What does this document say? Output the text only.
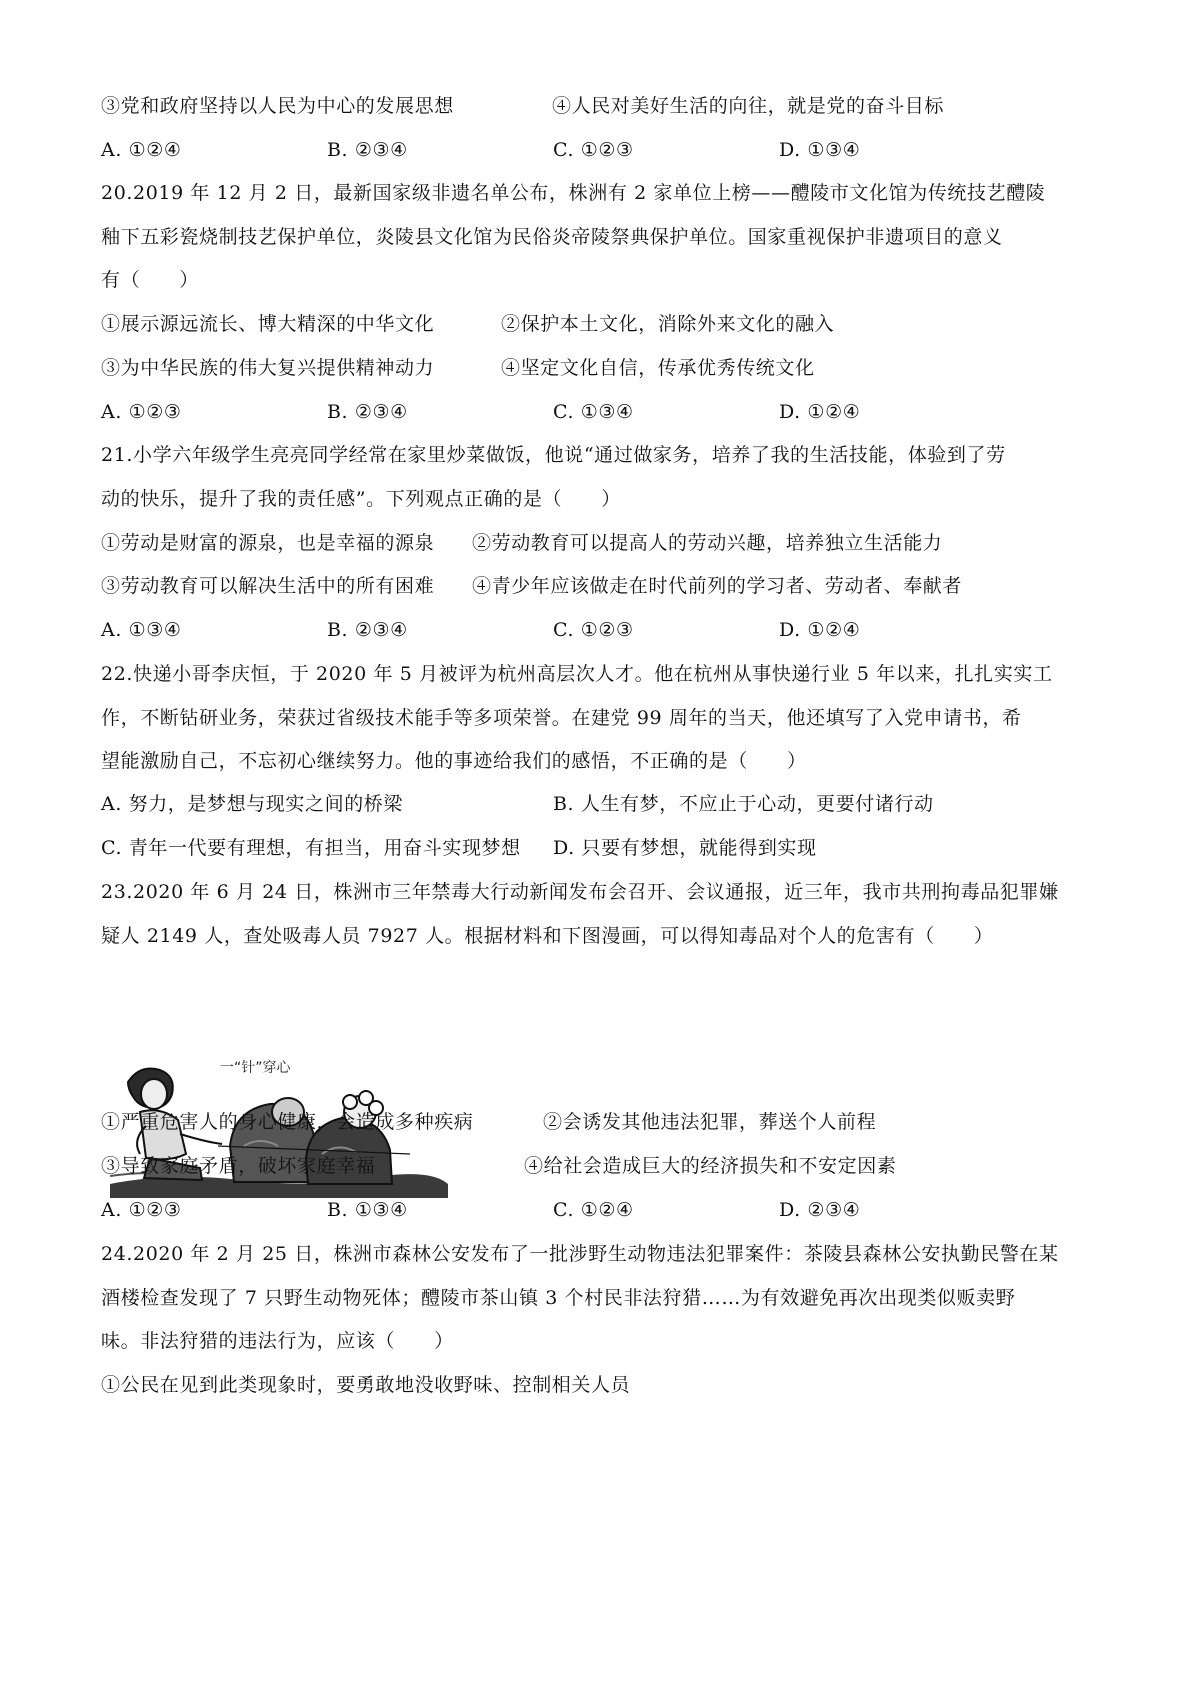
③党和政府坚持以人民为中心的发展思想	④人民对美好生活的向往，就是党的奋斗目标
A. ①②④	B. ②③④	C. ①②③	D. ①③④
20.2019 年 12 月 2 日，最新国家级非遗名单公布，株洲有 2 家单位上榜——醴陵市文化馆为传统技艺醴陵
釉下五彩瓷烧制技艺保护单位，炎陵县文化馆为民俗炎帝陵祭典保护单位。国家重视保护非遗项目的意义
有（　　）
①展示源远流长、博大精深的中华文化	②保护本土文化，消除外来文化的融入
③为中华民族的伟大复兴提供精神动力	④坚定文化自信，传承优秀传统文化
A. ①②③	B. ②③④	C. ①③④	D. ①②④
21.小学六年级学生亮亮同学经常在家里炒菜做饭，他说“通过做家务，培养了我的生活技能，体验到了劳
动的快乐，提升了我的责任感”。下列观点正确的是（　　）
①劳动是财富的源泉，也是幸福的源泉 ②劳动教育可以提高人的劳动兴趣，培养独立生活能力
③劳动教育可以解决生活中的所有困难 ④青少年应该做走在时代前列的学习者、劳动者、奉献者
A. ①③④	B. ②③④	C. ①②③	D. ①②④
22.快递小哥李庆恒，于 2020 年 5 月被评为杭州高层次人才。他在杭州从事快递行业 5 年以来，扎扎实实工
作，不断钻研业务，荣获过省级技术能手等多项荣誉。在建党 99 周年的当天，他还填写了入党申请书，希
望能激励自己，不忘初心继续努力。他的事迹给我们的感悟，不正确的是（　　）
A. 努力，是梦想与现实之间的桥梁	B. 人生有梦，不应止于心动，更要付诸行动
C. 青年一代要有理想，有担当，用奋斗实现梦想 D. 只要有梦想，就能得到实现
23.2020 年 6 月 24 日，株洲市三年禁毒大行动新闻发布会召开、会议通报，近三年，我市共刑拘毒品犯罪嫌
疑人 2149 人，查处吸毒人员 7927 人。根据材料和下图漫画，可以得知毒品对个人的危害有（　　）
一“针”穿心
①严重危害人的身心健康，会造成多种疾病	②会诱发其他违法犯罪，葬送个人前程
③导致家庭矛盾，破坏家庭幸福	④给社会造成巨大的经济损失和不安定因素
A. ①②③	B. ①③④	C. ①②④	D. ②③④
24.2020 年 2 月 25 日，株洲市森林公安发布了一批涉野生动物违法犯罪案件：茶陵县森林公安执勤民警在某
酒楼检查发现了 7 只野生动物死体；醴陵市茶山镇 3 个村民非法狩猎……为有效避免再次出现类似贩卖野
味。非法狩猎的违法行为，应该（　　）
①公民在见到此类现象时，要勇敢地没收野味、控制相关人员
